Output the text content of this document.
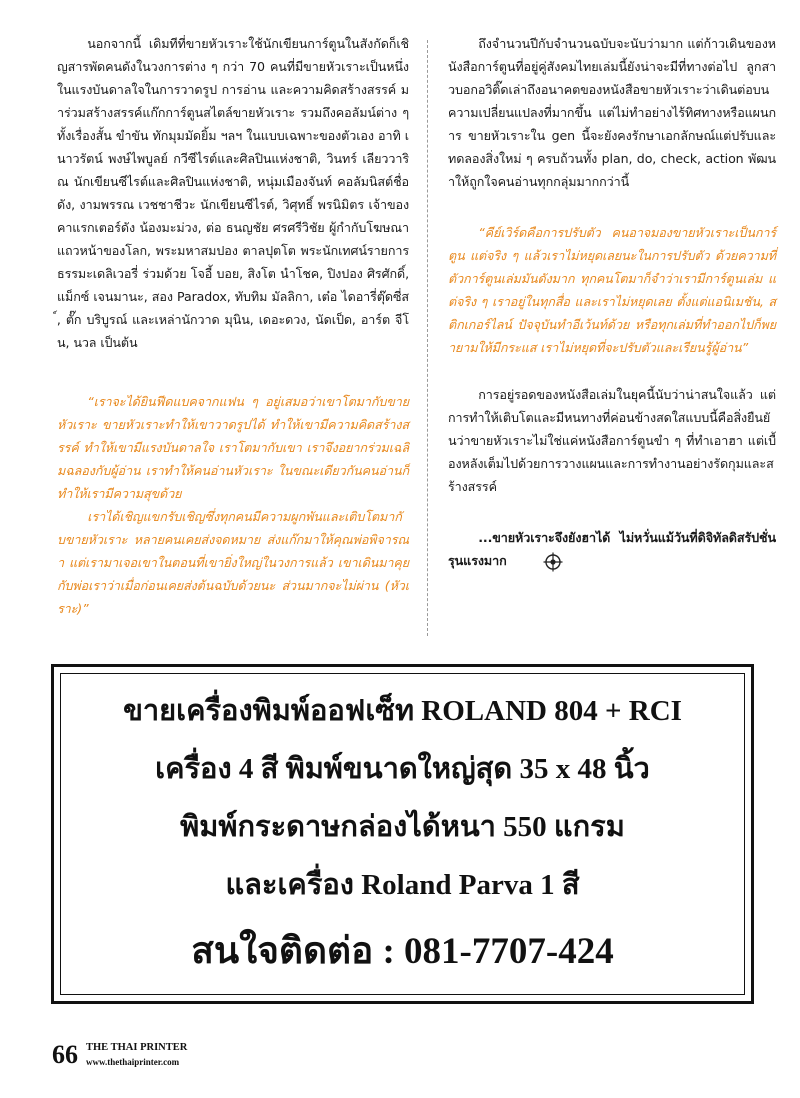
นอกจากนี้ เดิมทีที่ขายหัวเราะใช้นักเขียนการ์ตูนในสังกัดก็เชิญสารพัดคนดังในวงการต่าง ๆ กว่า 70 คนที่มีขายหัวเราะเป็นหนึ่งในแรงบันดาลใจในการวาดรูป การอ่าน และความคิดสร้างสรรค์ มาร่วมสร้างสรรค์แก๊กการ์ตูนสไตล์ขายหัวเราะ รวมถึงคอลัมน์ต่าง ๆ ทั้งเรื่องสั้น ขำขัน ทักมุมมัดยิ้ม ฯลฯ ในแบบเฉพาะของตัวเอง อาทิ เนาวรัตน์ พงษ์ไพบูลย์ กวีซีไรต์และศิลปินแห่งชาติ, วินทร์ เลียววาริณ นักเขียนซีไรต์และศิลปินแห่งชาติ, หนุ่มเมืองจันท์ คอลัมนิสต์ชื่อดัง, งามพรรณ เวชชาชีวะ นักเขียนซีไรต์, วิศุทธิ์ พรนิมิตร เจ้าของคาแรกเตอร์ดัง น้องมะม่วง, ต่อ ธนญชัย ศรศรีวิชัย ผู้กำกับโฆษณาแถวหน้าของโลก, พระมหาสมปอง ตาลปุตโต พระนักเทศน์รายการธรรมะเดลิเวอรี่ ร่วมด้วย โจอี้ บอย, สิงโต นำโชค, ปิงปอง ศิรศักดิ์, แม็กซ์ เจนมานะ, สอง Paradox, ทับทิม มัลลิกา, เต๋อ ไดอารี่ตุ๊ดซี่ส์, ตั๊ก บริบูรณ์ และเหล่านักวาด มุนิน, เดอะดวง, นัดเป็ด, อาร์ต จีโน, นวล เป็นต้น

“เราจะได้ยินฟีดแบคจากแฟน ๆ อยู่เสมอว่าเขาโตมากับขายหัวเราะ ขายหัวเราะทำให้เขาวาดรูปได้ ทำให้เขามีความคิดสร้างสรรค์ ทำให้เขามีแรงบันดาลใจ เราโตมากับเขา เราจึงอยากร่วมเฉลิมฉลองกับผู้อ่าน เราทำให้คนอ่านหัวเราะ ในขณะเดียวกันคนอ่านก็ทำให้เรามีความสุขด้วย

เราได้เชิญแขกรับเชิญซึ่งทุกคนมีความผูกพันและเติบโตมากับขายหัวเราะ หลายคนเคยส่งจดหมาย ส่งแก๊กมาให้คุณพ่อพิจารณา แต่เรามาเจอเขาในตอนที่เขายิ่งใหญ่ในวงการแล้ว เขาเดินมาคุยกับพ่อเราว่าเมื่อก่อนเคยส่งต้นฉบับด้วยนะ ส่วนมากจะไม่ผ่าน (หัวเราะ)”

ถึงจำนวนปีกับจำนวนฉบับจะนับว่ามาก แต่ก้าวเดินของหนังสือการ์ตูนที่อยู่คู่สังคมไทยเล่มนี้ยังน่าจะมีที่ทางต่อไป ลูกสาวบอกอวิติ๊ดเล่าถึงอนาคตของหนังสือขายหัวเราะว่าเดินต่อบนความเปลี่ยนแปลงที่มากขึ้น แต่ไม่ทำอย่างไร้ทิศทางหรือแผนการ ขายหัวเราะใน gen นี้จะยังคงรักษาเอกลักษณ์แต่ปรับและทดลองสิ่งใหม่ ๆ ครบถ้วนทั้ง plan, do, check, action พัฒนาให้ถูกใจคนอ่านทุกกลุ่มมากกว่านี้

“คีย์เวิร์ดคือการปรับตัว คนอาจมองขายหัวเราะเป็นการ์ตูน แต่จริง ๆ แล้วเราไม่หยุดเลยนะในการปรับตัว ด้วยความที่ตัวการ์ตูนเล่มมันดังมาก ทุกคนโตมาก็จำว่าเรามีการ์ตูนเล่ม แต่จริง ๆ เราอยู่ในทุกสื่อ และเราไม่หยุดเลย ตั้งแต่แอนิเมชัน, สติกเกอร์ไลน์ ปัจจุบันทำอีเว้นท์ด้วย หรือทุกเล่มที่ทำออกไปก็พยายามให้มีกระแส เราไม่หยุดที่จะปรับตัวและเรียนรู้ผู้อ่าน”

การอยู่รอดของหนังสือเล่มในยุคนี้นับว่าน่าสนใจแล้ว แต่การทำให้เติบโตและมีหนทางที่ค่อนข้างสดใสแบบนี้คือสิ่งยืนยันว่าขายหัวเราะไม่ใช่แค่หนังสือการ์ตูนขำ ๆ ที่ทำเอาฮา แต่เบื้องหลังเต็มไปด้วยการวางแผนและการทำงานอย่างรัดกุมและสร้างสรรค์

...ขายหัวเราะจึงยังฮาได้ ไม่หวั่นแม้วันที่ดิจิทัลดิสรัปชั่นรุนแรงมาก

ขายเครื่องพิมพ์ออฟเซ็ท ROLAND 804 + RCI
เครื่อง 4 สี พิมพ์ขนาดใหญ่สุด 35 x 48 นิ้ว
พิมพ์กระดาษกล่องได้หนา 550 แกรม
และเครื่อง Roland Parva 1 สี
สนใจติดต่อ : 081-7707-424
66 THE THAI PRINTER
www.thethaiprinter.com
